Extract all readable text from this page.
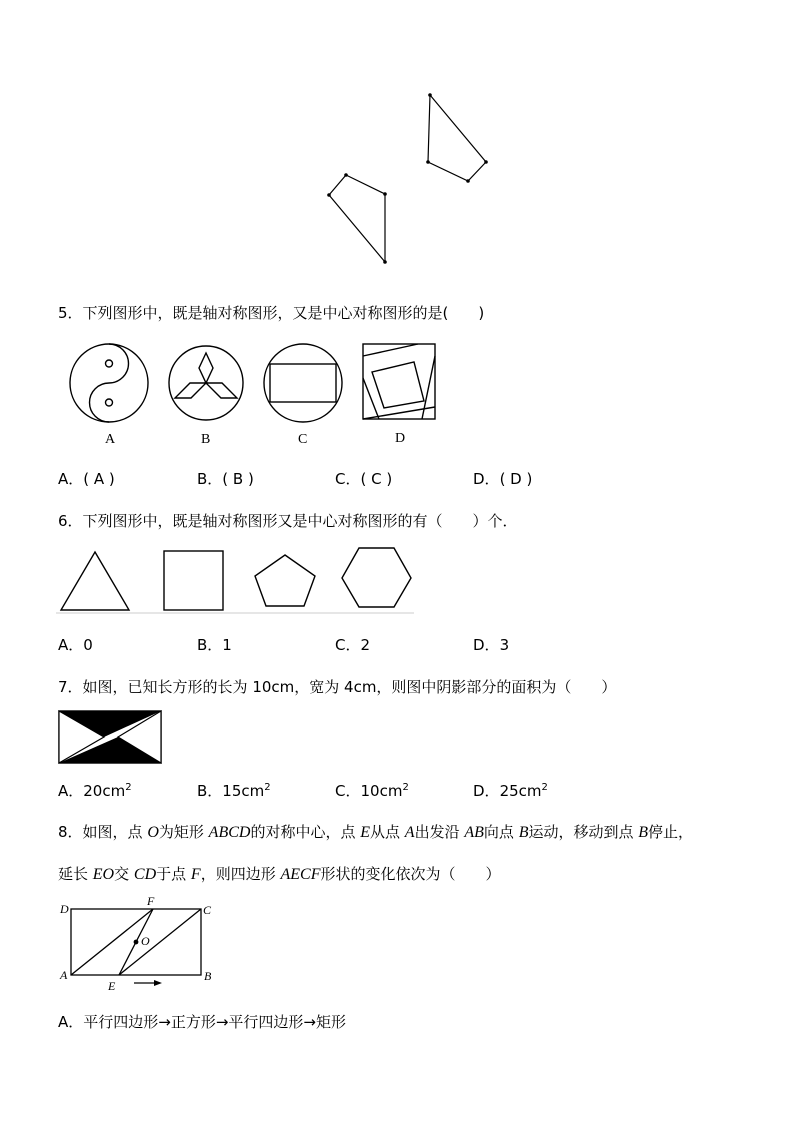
5．下列图形中，既是轴对称图形，又是中心对称图形的是(　　)
A	B	C	D
A．( A )	B．( B )	C．( C )	D．( D )
6．下列图形中，既是轴对称图形又是中心对称图形的有（　　）个．
A．0	B．1	C．2	D．3
7．如图，已知长方形的长为 10cm，宽为 4cm，则图中阴影部分的面积为（　　）
A．$20cm^2$	B．$15cm^2$	C．$10cm^2$	D．$25cm^2$
8．如图，点 O为矩形 ABCD的对称中心，点 E从点 A出发沿 AB向点 B运动，移动到点 B停止，
延长 EO交 CD于点 F，则四边形 AECF形状的变化依次为（　　）
D
F
C
O
A	B
E
A．平行四边形→正方形→平行四边形→矩形
